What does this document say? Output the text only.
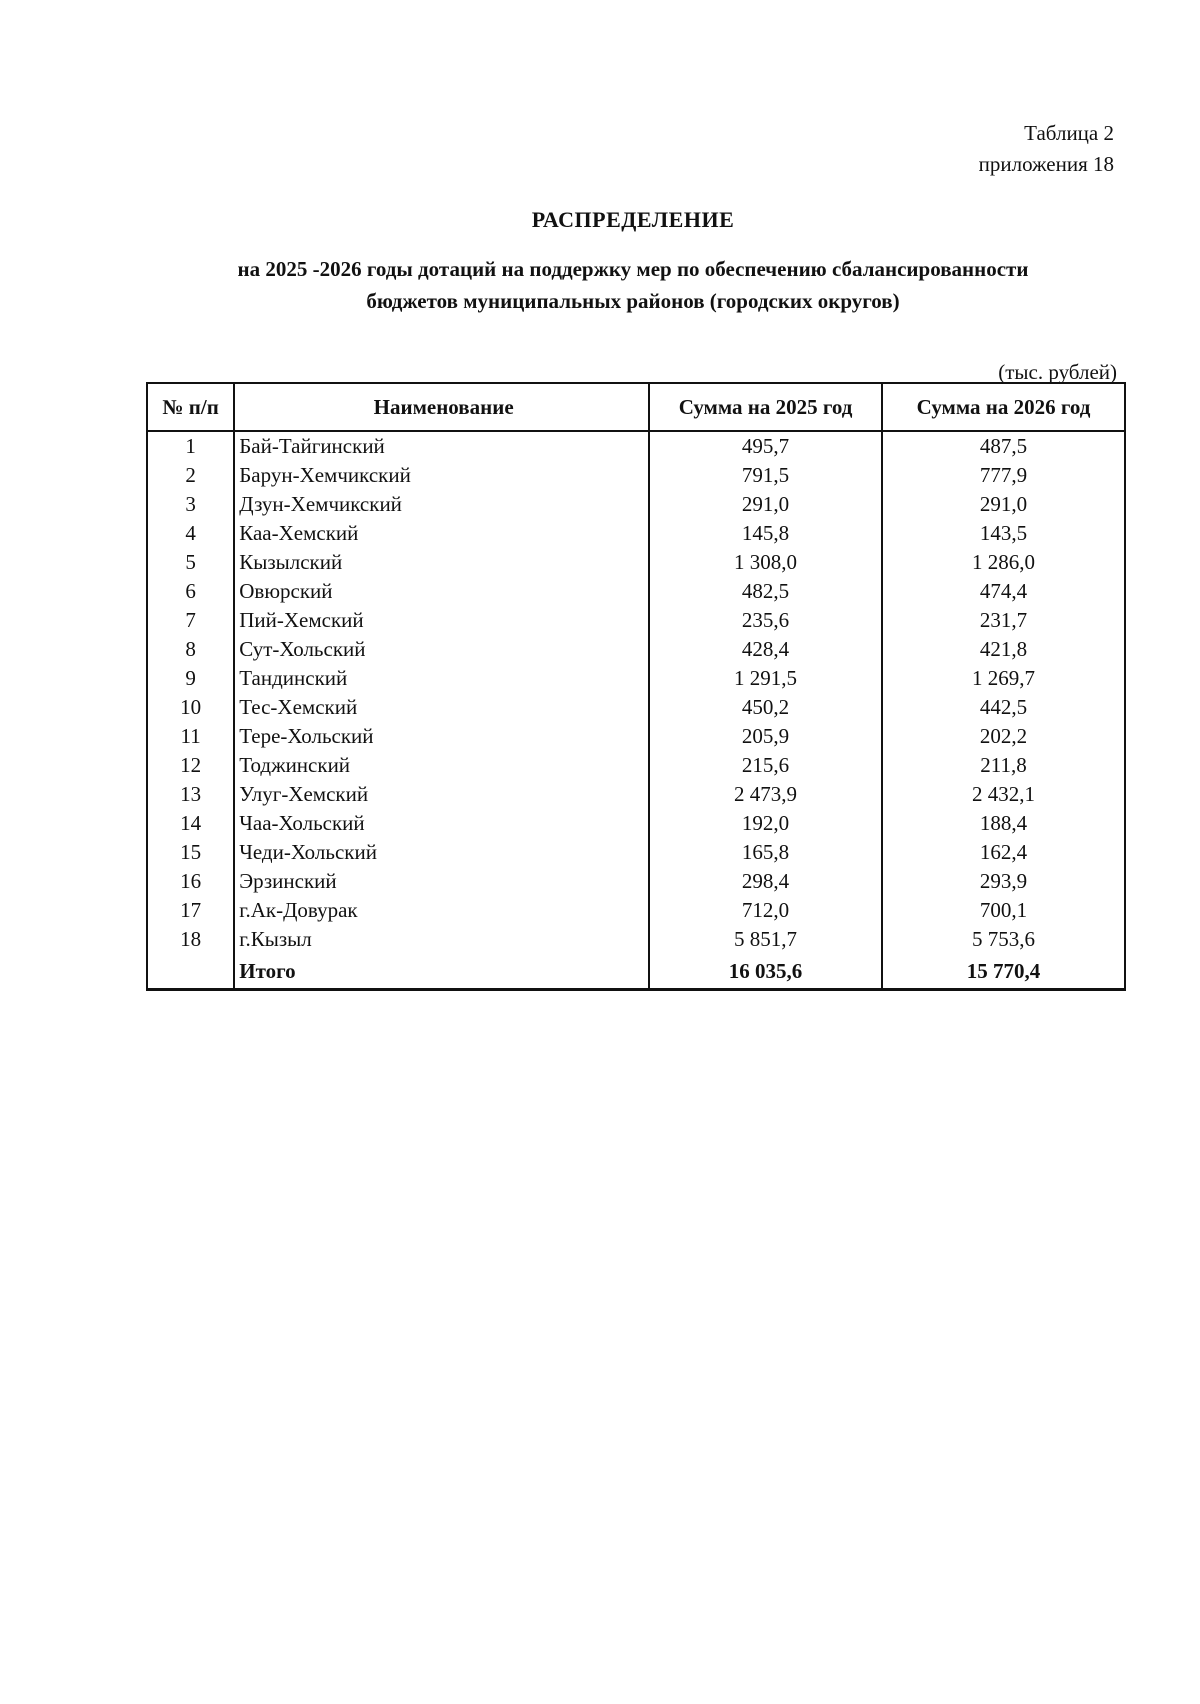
Таблица 2
приложения 18
РАСПРЕДЕЛЕНИЕ
на 2025 -2026 годы дотаций на поддержку мер по обеспечению сбалансированности
бюджетов муниципальных районов (городских округов)
(тыс. рублей)
№ п/п	Наименование	Сумма на 2025 год	Сумма на 2026 год
1	Бай-Тайгинский	495,7	487,5
2	Барун-Хемчикский	791,5	777,9
3	Дзун-Хемчикский	291,0	291,0
4	Каа-Хемский	145,8	143,5
5	Кызылский	1 308,0	1 286,0
6	Овюрский	482,5	474,4
7	Пий-Хемский	235,6	231,7
8	Сут-Хольский	428,4	421,8
9	Тандинский	1 291,5	1 269,7
10	Тес-Хемский	450,2	442,5
11	Тере-Хольский	205,9	202,2
12	Тоджинский	215,6	211,8
13	Улуг-Хемский	2 473,9	2 432,1
14	Чаа-Хольский	192,0	188,4
15	Чеди-Хольский	165,8	162,4
16	Эрзинский	298,4	293,9
17	г.Ак-Довурак	712,0	700,1
18	г.Кызыл	5 851,7	5 753,6
	Итого	16 035,6	15 770,4
